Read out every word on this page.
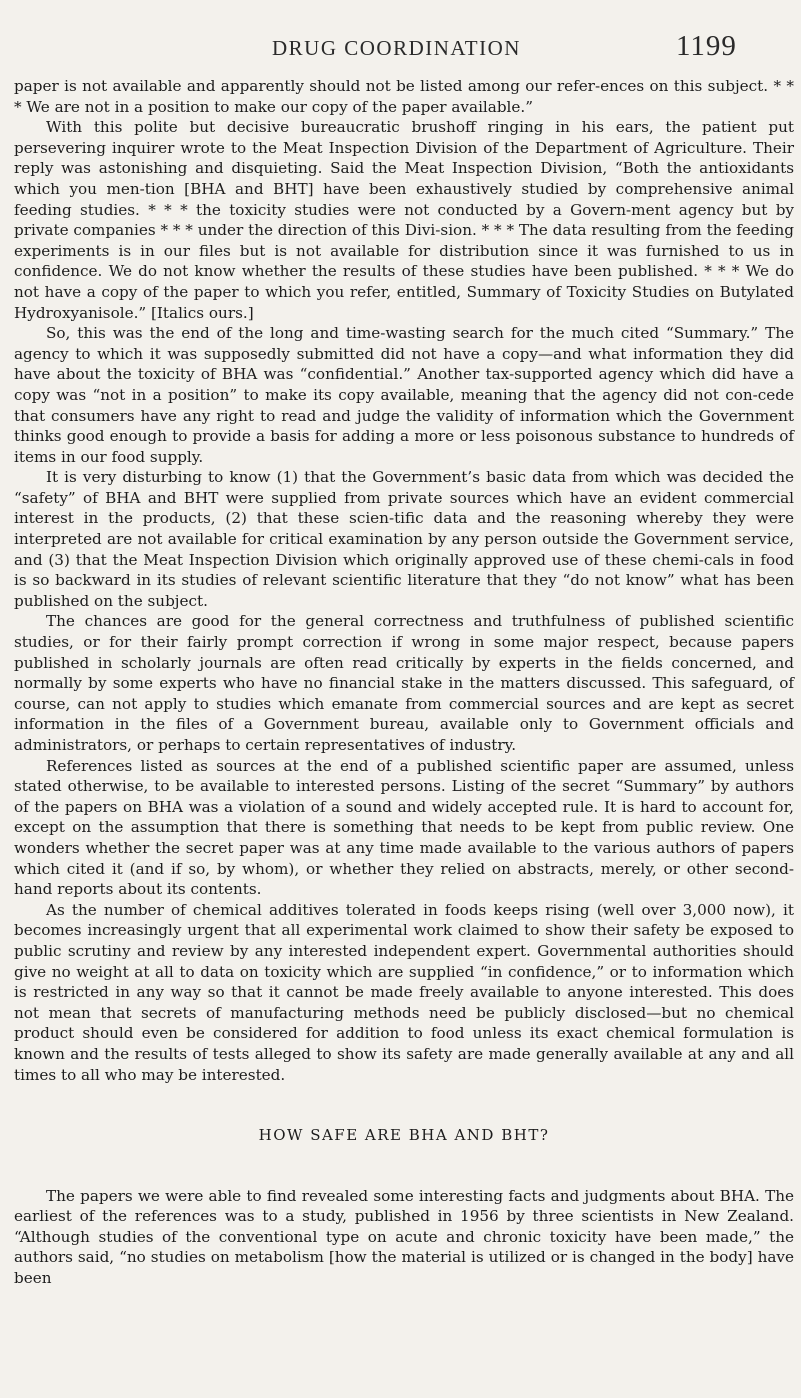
DRUG COORDINATION	1199

paper is not available and apparently should not be listed among our refer-ences on this subject. * * * We are not in a position to make our copy of the paper available.”

With this polite but decisive bureaucratic brushoff ringing in his ears, the patient put persevering inquirer wrote to the Meat Inspection Division of the Department of Agriculture. Their reply was astonishing and disquieting. Said the Meat Inspection Division, “Both the antioxidants which you men-tion [BHA and BHT] have been exhaustively studied by comprehensive animal feeding studies. * * * the toxicity studies were not conducted by a Govern-ment agency but by private companies * * * under the direction of this Divi-sion. * * * The data resulting from the feeding experiments is in our files but is not available for distribution since it was furnished to us in confidence. We do not know whether the results of these studies have been published. * * * We do not have a copy of the paper to which you refer, entitled, Summary of Toxicity Studies on Butylated Hydroxyanisole.” [Italics ours.]

So, this was the end of the long and time-wasting search for the much cited “Summary.” The agency to which it was supposedly submitted did not have a copy—and what information they did have about the toxicity of BHA was “confidential.” Another tax-supported agency which did have a copy was “not in a position” to make its copy available, meaning that the agency did not con-cede that consumers have any right to read and judge the validity of information which the Government thinks good enough to provide a basis for adding a more or less poisonous substance to hundreds of items in our food supply.

It is very disturbing to know (1) that the Government’s basic data from which was decided the “safety” of BHA and BHT were supplied from private sources which have an evident commercial interest in the products, (2) that these scien-tific data and the reasoning whereby they were interpreted are not available for critical examination by any person outside the Government service, and (3) that the Meat Inspection Division which originally approved use of these chemi-cals in food is so backward in its studies of relevant scientific literature that they “do not know” what has been published on the subject.

The chances are good for the general correctness and truthfulness of published scientific studies, or for their fairly prompt correction if wrong in some major respect, because papers published in scholarly journals are often read critically by experts in the fields concerned, and normally by some experts who have no financial stake in the matters discussed. This safeguard, of course, can not apply to studies which emanate from commercial sources and are kept as secret information in the files of a Government bureau, available only to Government officials and administrators, or perhaps to certain representatives of industry.

References listed as sources at the end of a published scientific paper are assumed, unless stated otherwise, to be available to interested persons. Listing of the secret “Summary” by authors of the papers on BHA was a violation of a sound and widely accepted rule. It is hard to account for, except on the assumption that there is something that needs to be kept from public review. One wonders whether the secret paper was at any time made available to the various authors of papers which cited it (and if so, by whom), or whether they relied on abstracts, merely, or other second-hand reports about its contents.

As the number of chemical additives tolerated in foods keeps rising (well over 3,000 now), it becomes increasingly urgent that all experimental work claimed to show their safety be exposed to public scrutiny and review by any interested independent expert. Governmental authorities should give no weight at all to data on toxicity which are supplied “in confidence,” or to information which is restricted in any way so that it cannot be made freely available to anyone interested. This does not mean that secrets of manufacturing methods need be publicly disclosed—but no chemical product should even be considered for addition to food unless its exact chemical formulation is known and the results of tests alleged to show its safety are made generally available at any and all times to all who may be interested.

HOW SAFE ARE BHA AND BHT?

The papers we were able to find revealed some interesting facts and judgments about BHA. The earliest of the references was to a study, published in 1956 by three scientists in New Zealand. “Although studies of the conventional type on acute and chronic toxicity have been made,” the authors said, “no studies on metabolism [how the material is utilized or is changed in the body] have been
